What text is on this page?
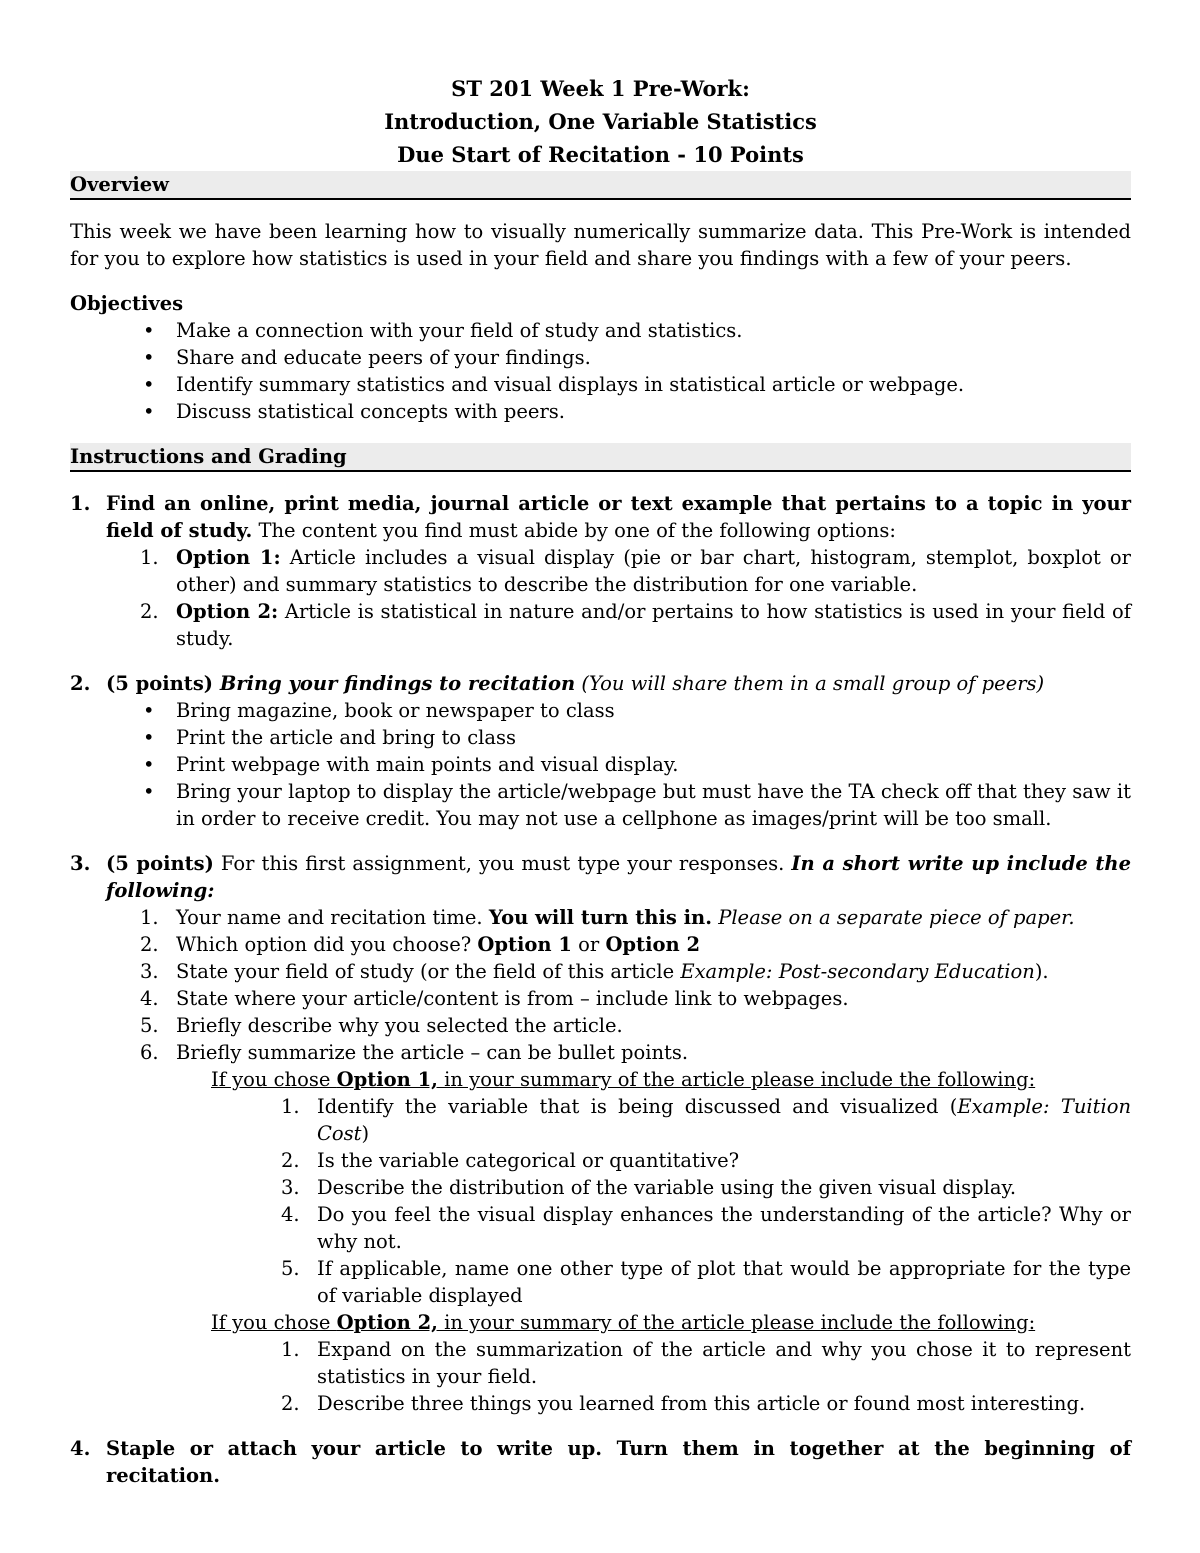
ST 201 Week 1 Pre-Work:

Introduction, One Variable Statistics

Due Start of Recitation - 10 Points

Overview

This week we have been learning how to visually numerically summarize data. This Pre-Work is intended for you to explore how statistics is used in your field and share you findings with a few of your peers.

Objectives

• Make a connection with your field of study and statistics.
• Share and educate peers of your findings.
• Identify summary statistics and visual displays in statistical article or webpage.
• Discuss statistical concepts with peers.
Instructions and Grading
1. Find an online, print media, journal article or text example that pertains to a topic in your field of study. The content you find must abide by one of the following options:
1. Option 1: Article includes a visual display (pie or bar chart, histogram, stemplot, boxplot or other) and summary statistics to describe the distribution for one variable.
2. Option 2: Article is statistical in nature and/or pertains to how statistics is used in your field of study.
2. (5 points) Bring your findings to recitation (You will share them in a small group of peers)
• Bring magazine, book or newspaper to class
• Print the article and bring to class
• Print webpage with main points and visual display.
• Bring your laptop to display the article/webpage but must have the TA check off that they saw it in order to receive credit. You may not use a cellphone as images/print will be too small.
3. (5 points) For this first assignment, you must type your responses. In a short write up include the following:
1. Your name and recitation time. You will turn this in. Please on a separate piece of paper.
2. Which option did you choose? Option 1 or Option 2
3. State your field of study (or the field of this article Example: Post-secondary Education).
4. State where your article/content is from – include link to webpages.
5. Briefly describe why you selected the article.
6. Briefly summarize the article – can be bullet points.

If you chose Option 1, in your summary of the article please include the following:

1. Identify the variable that is being discussed and visualized (Example: Tuition Cost)
2. Is the variable categorical or quantitative?
3. Describe the distribution of the variable using the given visual display.
4. Do you feel the visual display enhances the understanding of the article? Why or why not.
5. If applicable, name one other type of plot that would be appropriate for the type of variable displayed

If you chose Option 2, in your summary of the article please include the following:

1. Expand on the summarization of the article and why you chose it to represent statistics in your field.
2. Describe three things you learned from this article or found most interesting.
4. Staple or attach your article to write up. Turn them in together at the beginning of recitation.
